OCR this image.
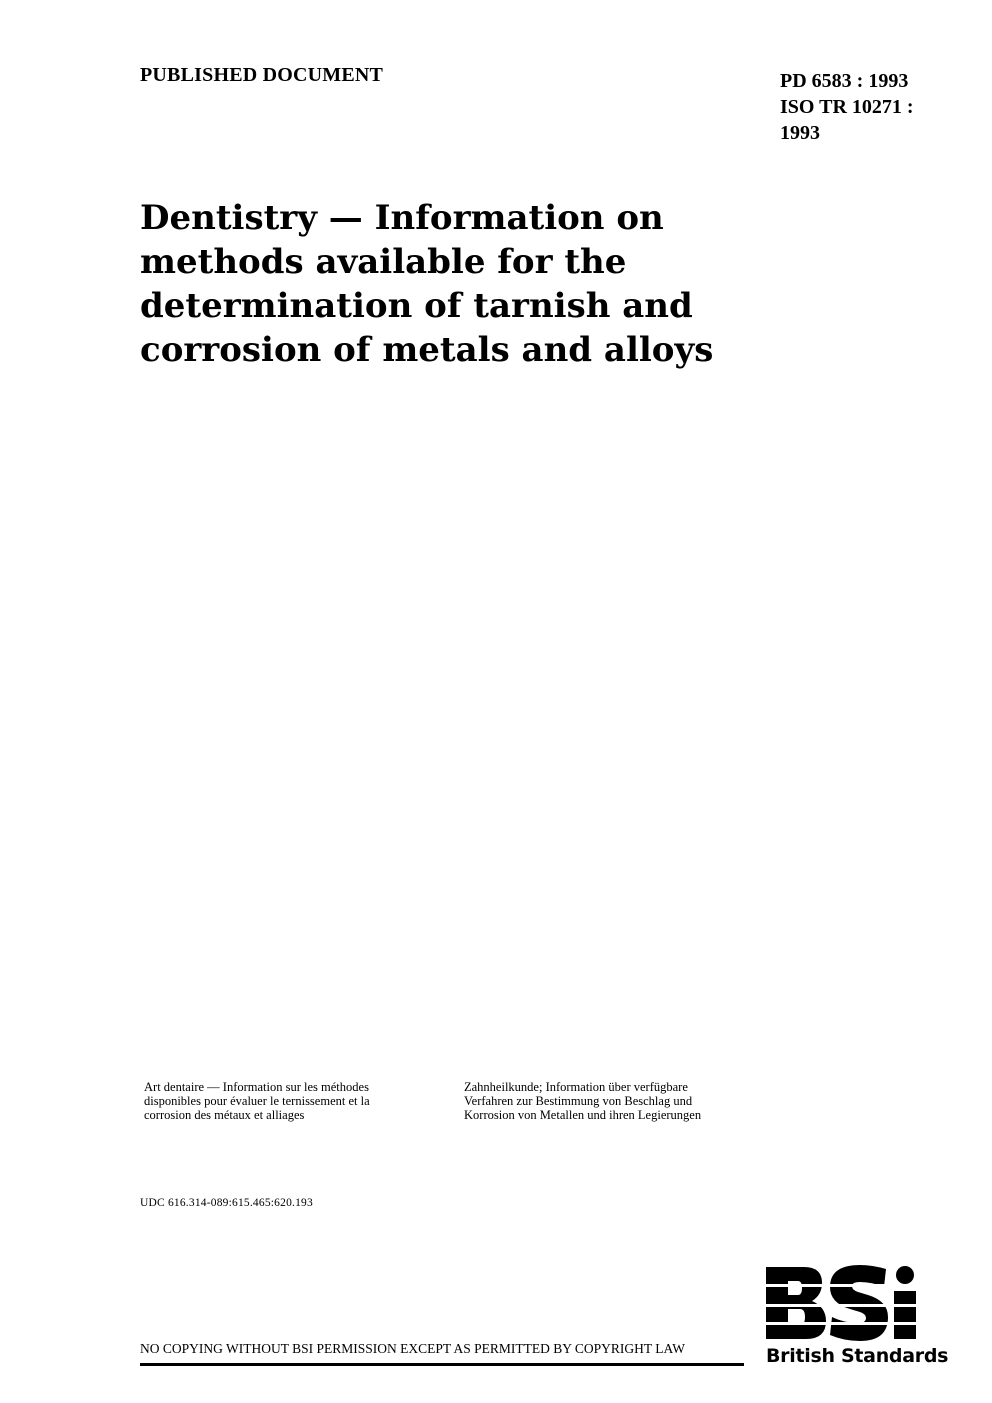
PUBLISHED DOCUMENT	PD 6583 : 1993
ISO TR 10271 :
1993
Dentistry — Information on
methods available for the
determination of tarnish and
corrosion of metals and alloys
Art dentaire — Information sur les méthodes
disponibles pour évaluer le ternissement et la
corrosion des métaux et alliages
Zahnheilkunde; Information über verfügbare
Verfahren zur Bestimmung von Beschlag und
Korrosion von Metallen und ihren Legierungen
UDC 616.314-089:615.465:620.193
NO COPYING WITHOUT BSI PERMISSION EXCEPT AS PERMITTED BY COPYRIGHT LAW	British Standards
